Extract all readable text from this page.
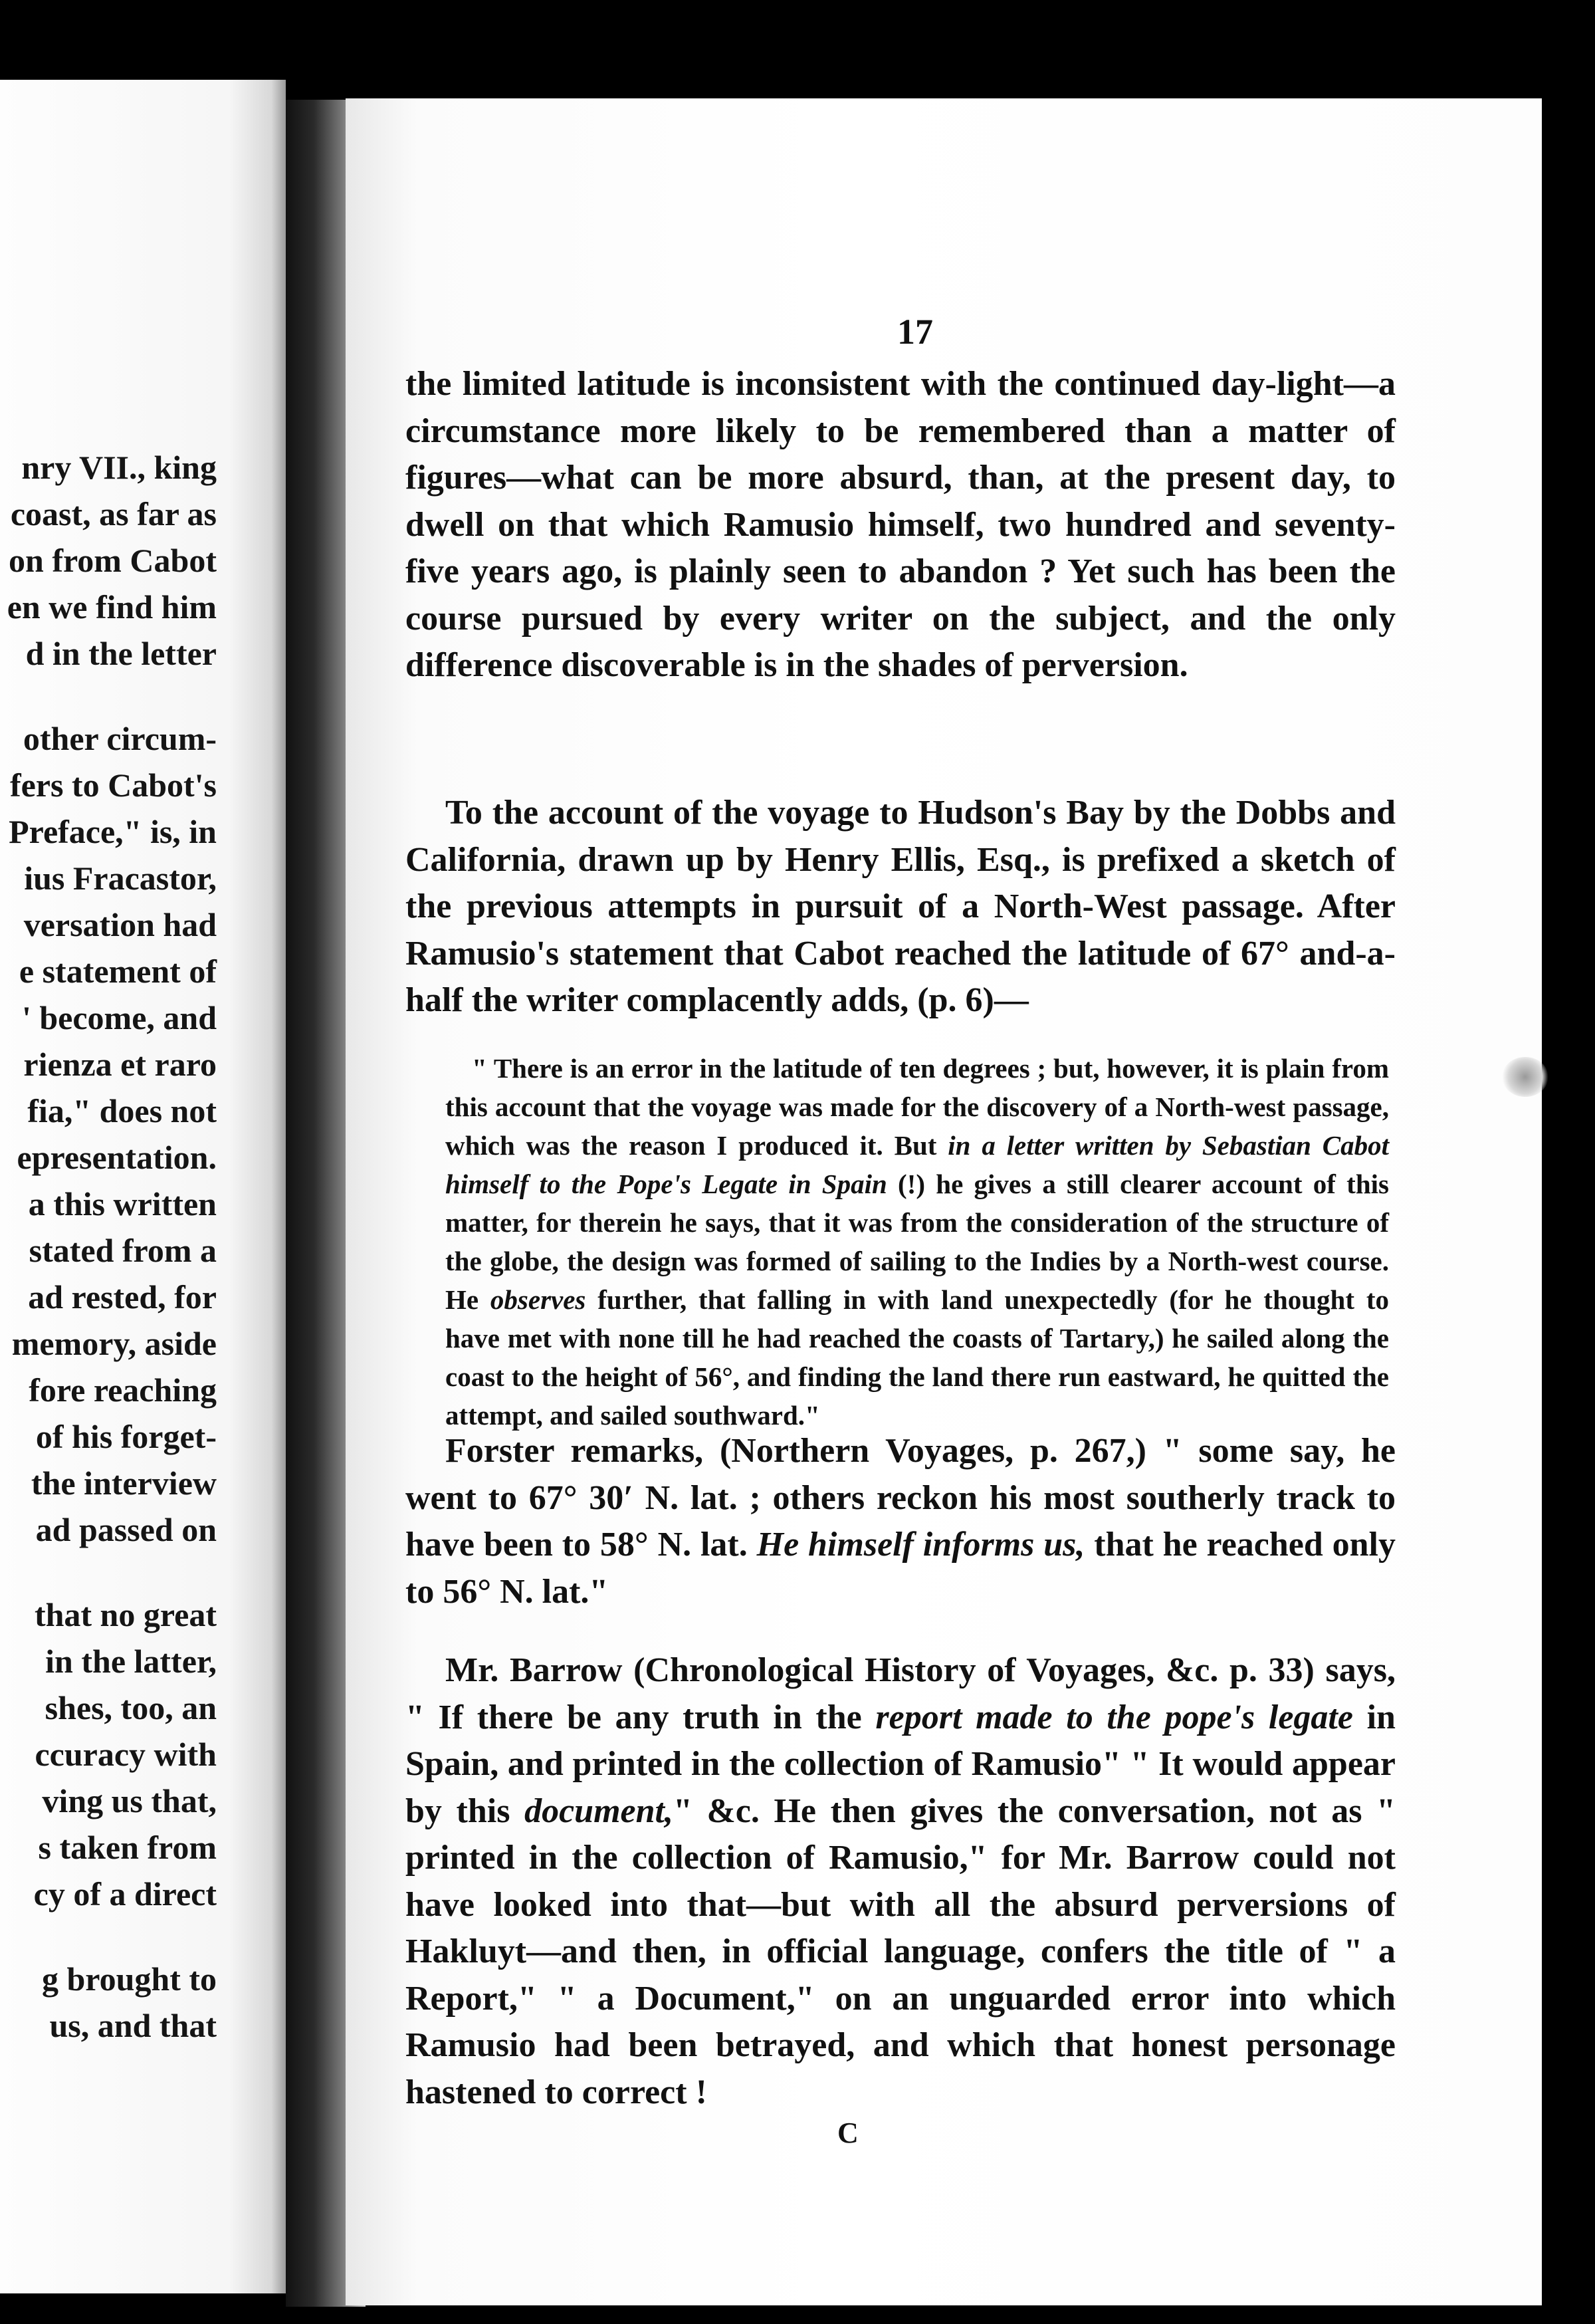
nry VII., king
coast, as far as
on from Cabot
en we find him
d in the letter
other circum-
fers to Cabot's
Preface," is, in
ius Fracastor,
versation had
e statement of
' become, and
rienza et raro
fia," does not
epresentation.
a this written
stated from a
ad rested, for
memory, aside
fore reaching
of his forget-
the interview
ad passed on
that no great
in the latter,
shes, too, an
ccuracy with
ving us that,
s taken from
cy of a direct
g brought to
us, and that
17

the limited latitude is inconsistent with the continued day-light—a circumstance more likely to be remembered than a matter of figures—what can be more absurd, than, at the present day, to dwell on that which Ramusio himself, two hundred and seventy-five years ago, is plainly seen to abandon ? Yet such has been the course pursued by every writer on the subject, and the only difference discoverable is in the shades of perversion.

To the account of the voyage to Hudson's Bay by the Dobbs and California, drawn up by Henry Ellis, Esq., is prefixed a sketch of the previous attempts in pursuit of a North-West passage. After Ramusio's statement that Cabot reached the latitude of 67° and-a-half the writer complacently adds, (p. 6)—

" There is an error in the latitude of ten degrees ; but, however, it is plain from this account that the voyage was made for the discovery of a North-west passage, which was the reason I produced it. But in a letter written by Sebastian Cabot himself to the Pope's Legate in Spain (!) he gives a still clearer account of this matter, for therein he says, that it was from the consideration of the structure of the globe, the design was formed of sailing to the Indies by a North-west course. He observes further, that falling in with land unexpectedly (for he thought to have met with none till he had reached the coasts of Tartary,) he sailed along the coast to the height of 56°, and finding the land there run eastward, he quitted the attempt, and sailed southward."

Forster remarks, (Northern Voyages, p. 267,) " some say, he went to 67° 30′ N. lat. ; others reckon his most southerly track to have been to 58° N. lat. He himself informs us, that he reached only to 56° N. lat."

Mr. Barrow (Chronological History of Voyages, &c. p. 33) says, " If there be any truth in the report made to the pope's legate in Spain, and printed in the collection of Ramusio" " It would appear by this document," &c. He then gives the conversation, not as " printed in the collection of Ramusio," for Mr. Barrow could not have looked into that—but with all the absurd perversions of Hakluyt—and then, in official language, confers the title of " a Report," " a Document," on an unguarded error into which Ramusio had been betrayed, and which that honest personage hastened to correct !

C
